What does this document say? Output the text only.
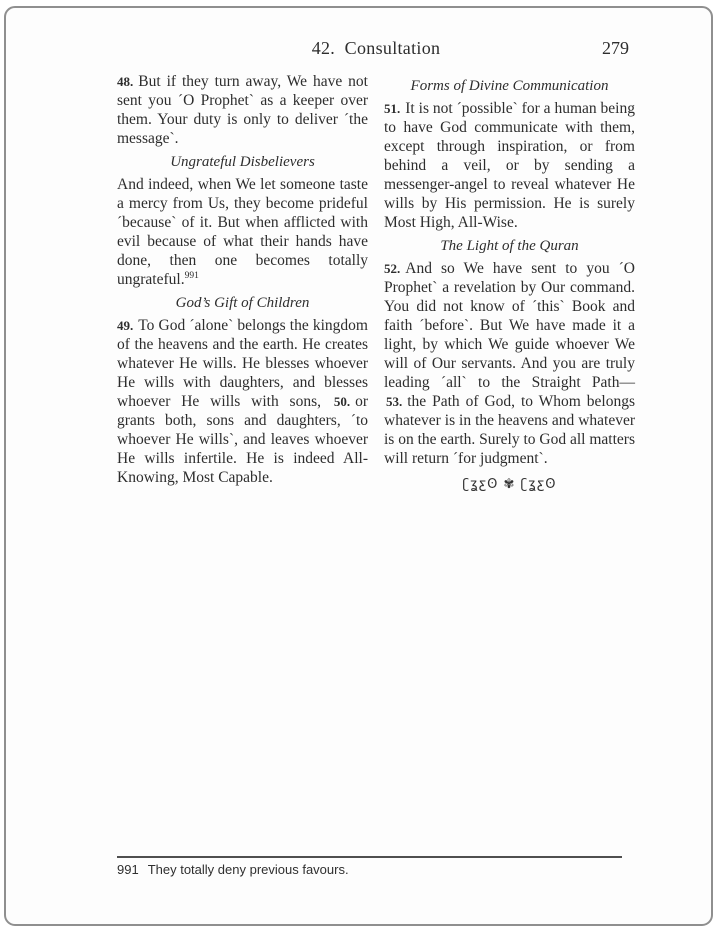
42.  Consultation	279

48. But if they turn away, We have not sent you ´O Prophet` as a keeper over them. Your duty is only to deliver ´the message`.

Ungrateful Disbelievers

And indeed, when We let someone taste a mercy from Us, they become prideful ´because` of it. But when afflicted with evil because of what their hands have done, then one becomes totally ungrateful.$^{991}$

God’s Gift of Children

49. To God ´alone` belongs the kingdom of the heavens and the earth. He creates whatever He wills. He blesses whoever He wills with daughters, and blesses whoever He wills with sons, 50. or grants both, sons and daughters, ´to whoever He wills`, and leaves whoever He wills infertile. He is indeed All-Knowing, Most Capable.

Forms of Divine Communication

51. It is not ´possible` for a human being to have God communicate with them, except through inspiration, or from behind a veil, or by sending a messenger-angel to reveal whatever He wills by His permission. He is surely Most High, All-Wise.

The Light of the Quran

52. And so We have sent to you ´O Prophet` a revelation by Our command. You did not know of ´this` Book and faith ´before`. But We have made it a light, by which We guide whoever We will of Our servants. And you are truly leading ´all` to the Straight Path— 53. the Path of God, to Whom belongs whatever is in the heavens and whatever is on the earth. Surely to God all matters will return ´for judgment`.

ʗʓƹʘ ✾ ʗʓƹʘ

991 They totally deny previous favours.
